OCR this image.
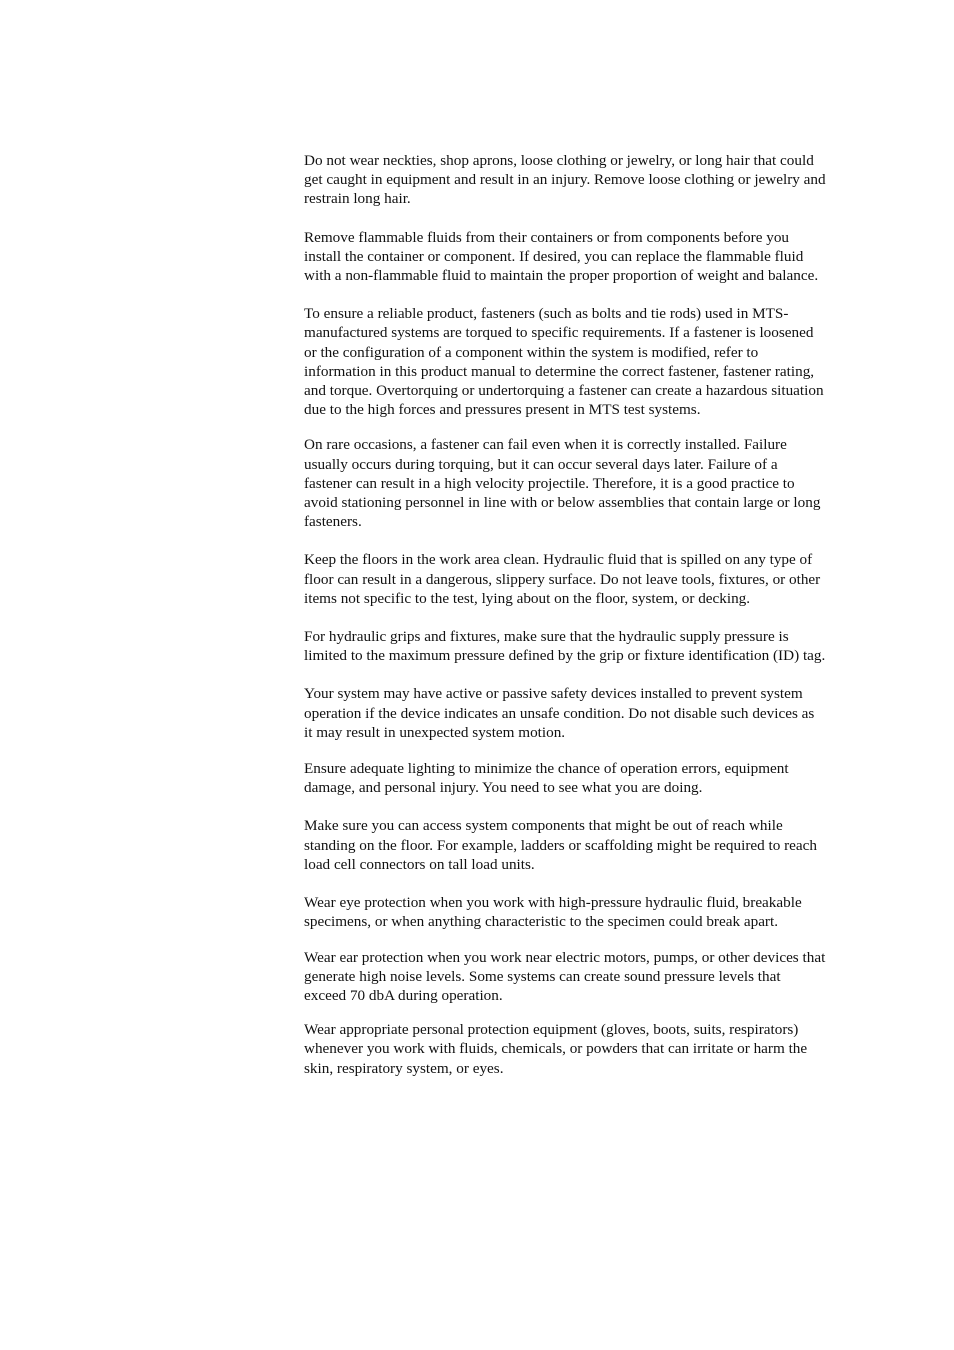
Do not wear neckties, shop aprons, loose clothing or jewelry, or long hair that could get caught in equipment and result in an injury. Remove loose clothing or jewelry and restrain long hair.

Remove flammable fluids from their containers or from components before you install the container or component. If desired, you can replace the flammable fluid with a non-flammable fluid to maintain the proper proportion of weight and balance.

To ensure a reliable product, fasteners (such as bolts and tie rods) used in MTS-manufactured systems are torqued to specific requirements. If a fastener is loosened or the configuration of a component within the system is modified, refer to information in this product manual to determine the correct fastener, fastener rating, and torque. Overtorquing or undertorquing a fastener can create a hazardous situation due to the high forces and pressures present in MTS test systems.

On rare occasions, a fastener can fail even when it is correctly installed. Failure usually occurs during torquing, but it can occur several days later. Failure of a fastener can result in a high velocity projectile. Therefore, it is a good practice to avoid stationing personnel in line with or below assemblies that contain large or long fasteners.

Keep the floors in the work area clean. Hydraulic fluid that is spilled on any type of floor can result in a dangerous, slippery surface. Do not leave tools, fixtures, or other items not specific to the test, lying about on the floor, system, or decking.

For hydraulic grips and fixtures, make sure that the hydraulic supply pressure is limited to the maximum pressure defined by the grip or fixture identification (ID) tag.

Your system may have active or passive safety devices installed to prevent system operation if the device indicates an unsafe condition. Do not disable such devices as it may result in unexpected system motion.

Ensure adequate lighting to minimize the chance of operation errors, equipment damage, and personal injury. You need to see what you are doing.

Make sure you can access system components that might be out of reach while standing on the floor. For example, ladders or scaffolding might be required to reach load cell connectors on tall load units.

Wear eye protection when you work with high-pressure hydraulic fluid, breakable specimens, or when anything characteristic to the specimen could break apart.

Wear ear protection when you work near electric motors, pumps, or other devices that generate high noise levels. Some systems can create sound pressure levels that exceed 70 dbA during operation.

Wear appropriate personal protection equipment (gloves, boots, suits, respirators) whenever you work with fluids, chemicals, or powders that can irritate or harm the skin, respiratory system, or eyes.
